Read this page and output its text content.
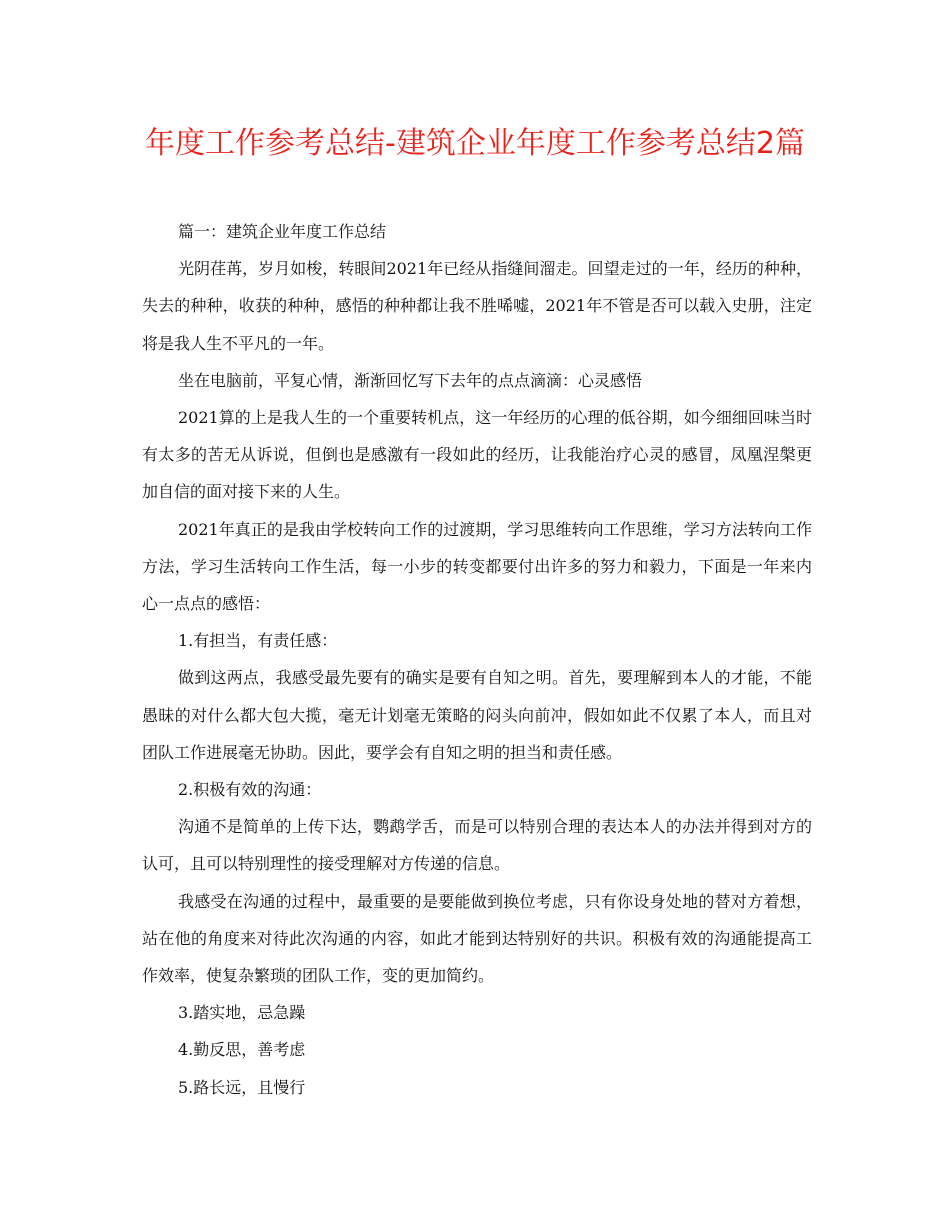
年度工作参考总结-建筑企业年度工作参考总结2篇

篇一：建筑企业年度工作总结

光阴荏苒，岁月如梭，转眼间2021年已经从指缝间溜走。回望走过的一年，经历的种种，失去的种种，收获的种种，感悟的种种都让我不胜唏嘘，2021年不管是否可以载入史册，注定将是我人生不平凡的一年。

坐在电脑前，平复心情，渐渐回忆写下去年的点点滴滴：心灵感悟

2021算的上是我人生的一个重要转机点，这一年经历的心理的低谷期，如今细细回味当时有太多的苦无从诉说，但倒也是感激有一段如此的经历，让我能治疗心灵的感冒，凤凰涅槃更加自信的面对接下来的人生。

2021年真正的是我由学校转向工作的过渡期，学习思维转向工作思维，学习方法转向工作方法，学习生活转向工作生活，每一小步的转变都要付出许多的努力和毅力，下面是一年来内心一点点的感悟：

1.有担当，有责任感：

做到这两点，我感受最先要有的确实是要有自知之明。首先，要理解到本人的才能，不能愚昧的对什么都大包大揽，毫无计划毫无策略的闷头向前冲，假如如此不仅累了本人，而且对团队工作进展毫无协助。因此，要学会有自知之明的担当和责任感。

2.积极有效的沟通：

沟通不是简单的上传下达，鹦鹉学舌，而是可以特别合理的表达本人的办法并得到对方的认可，且可以特别理性的接受理解对方传递的信息。

我感受在沟通的过程中，最重要的是要能做到换位考虑，只有你设身处地的替对方着想，站在他的角度来对待此次沟通的内容，如此才能到达特别好的共识。积极有效的沟通能提高工作效率，使复杂繁琐的团队工作，变的更加简约。

3.踏实地，忌急躁

4.勤反思，善考虑

5.路长远，且慢行
